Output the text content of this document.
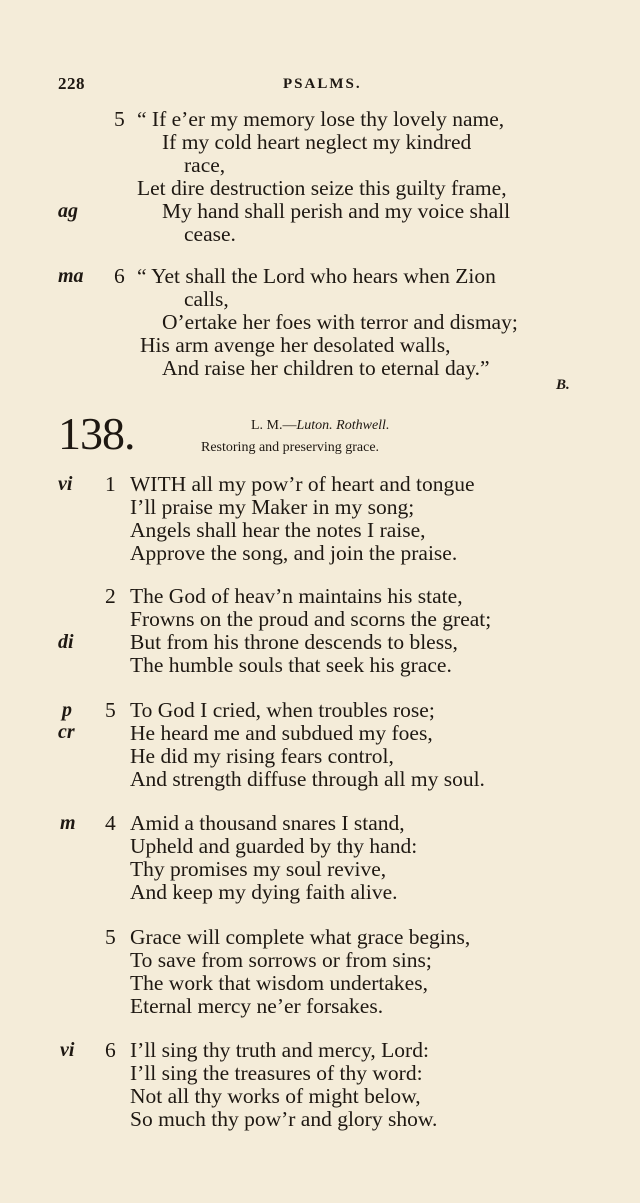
228	PSALMS.
5
ag
“ If e’er my memory lose thy lovely name,
If my cold heart neglect my kindred
race,
Let dire destruction seize this guilty frame,
My hand shall perish and my voice shall
cease.
6
ma “ Yet shall the Lord who hears when Zion
calls,
O’ertake her foes with terror and dismay;
His arm avenge her desolated walls,
And raise her children to eternal day.”
B.
138.	L. M.—Luton. Rothwell.
Restoring and preserving grace.
vi 1 WITH all my pow’r of heart and tongue
I’ll praise my Maker in my song;
Angels shall hear the notes I raise,
Approve the song, and join the praise.
2
di
The God of heav’n maintains his state,
Frowns on the proud and scorns the great;
But from his throne descends to bless,
The humble souls that seek his grace.
p
cr
5 To God I cried, when troubles rose;
He heard me and subdued my foes,
He did my rising fears control,
And strength diffuse through all my soul.
m 4 Amid a thousand snares I stand,
Upheld and guarded by thy hand:
Thy promises my soul revive,
And keep my dying faith alive.
5 Grace will complete what grace begins,
To save from sorrows or from sins;
The work that wisdom undertakes,
Eternal mercy ne’er forsakes.
vi 6 I’ll sing thy truth and mercy, Lord:
I’ll sing the treasures of thy word:
Not all thy works of might below,
So much thy pow’r and glory show.
